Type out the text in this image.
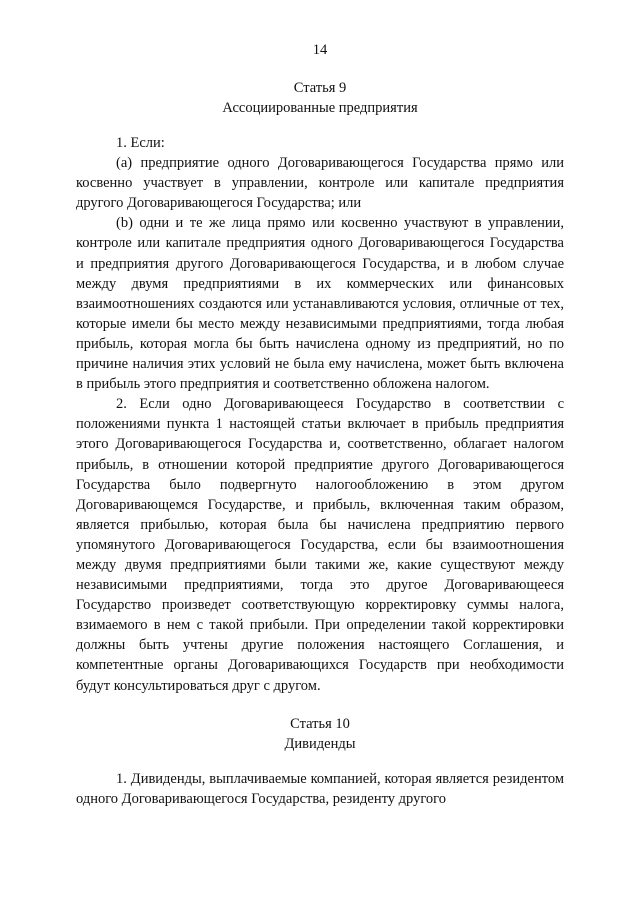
14
Статья 9
Ассоциированные предприятия

1. Если:

(a) предприятие одного Договаривающегося Государства прямо или косвенно участвует в управлении, контроле или капитале предприятия другого Договаривающегося Государства; или

(b) одни и те же лица прямо или косвенно участвуют в управлении, контроле или капитале предприятия одного Договаривающегося Государства и предприятия другого Договаривающегося Государства, и в любом случае между двумя предприятиями в их коммерческих или финансовых взаимоотношениях создаются или устанавливаются условия, отличные от тех, которые имели бы место между независимыми предприятиями, тогда любая прибыль, которая могла бы быть начислена одному из предприятий, но по причине наличия этих условий не была ему начислена, может быть включена в прибыль этого предприятия и соответственно обложена налогом.

2. Если одно Договаривающееся Государство в соответствии с положениями пункта 1 настоящей статьи включает в прибыль предприятия этого Договаривающегося Государства и, соответственно, облагает налогом прибыль, в отношении которой предприятие другого Договаривающегося Государства было подвергнуто налогообложению в этом другом Договаривающемся Государстве, и прибыль, включенная таким образом, является прибылью, которая была бы начислена предприятию первого упомянутого Договаривающегося Государства, если бы взаимоотношения между двумя предприятиями были такими же, какие существуют между независимыми предприятиями, тогда это другое Договаривающееся Государство произведет соответствующую корректировку суммы налога, взимаемого в нем с такой прибыли. При определении такой корректировки должны быть учтены другие положения настоящего Соглашения, и компетентные органы Договаривающихся Государств при необходимости будут консультироваться друг с другом.

Статья 10
Дивиденды

1. Дивиденды, выплачиваемые компанией, которая является резидентом одного Договаривающегося Государства, резиденту другого
